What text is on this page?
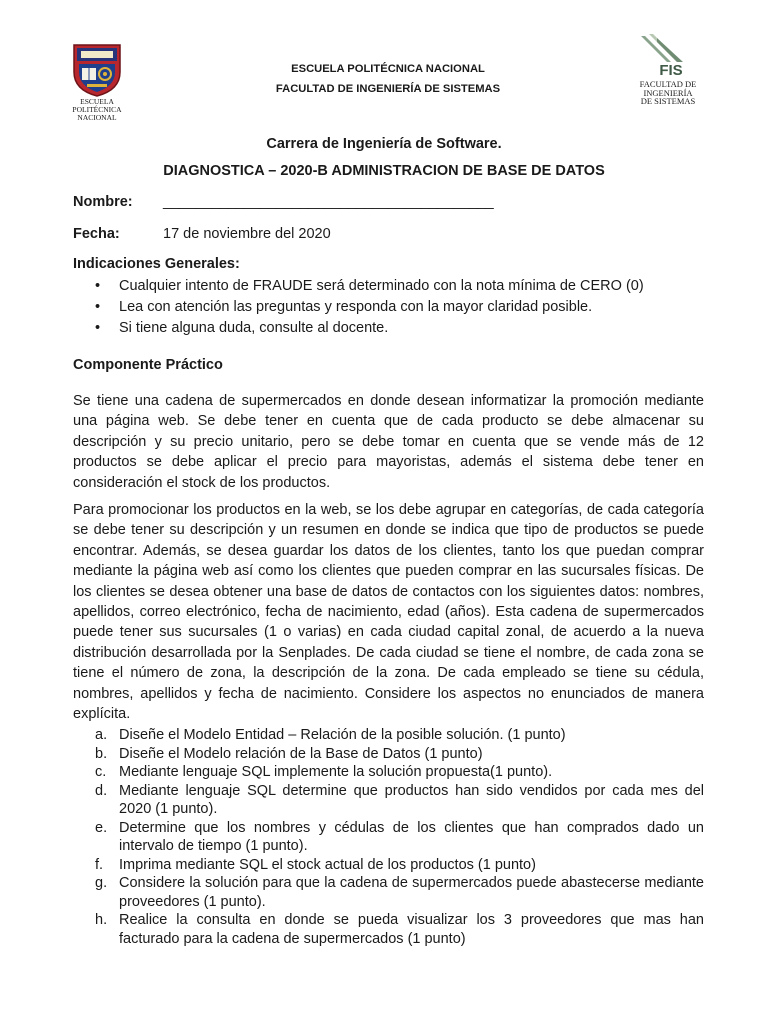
ESCUELA
POLITÉCNICA
NACIONAL
FIS
FACULTAD DE
INGENIERÍA
DE SISTEMAS
ESCUELA POLITÉCNICA NACIONAL
FACULTAD DE INGENIERÍA DE SISTEMAS
Carrera de Ingeniería de Software.
DIAGNOSTICA – 2020-B ADMINISTRACION DE BASE DE DATOS
Nombre: _________________________________________
Fecha:	17 de noviembre del 2020
Indicaciones Generales:
• Cualquier intento de FRAUDE será determinado con la nota mínima de CERO (0)
• Lea con atención las preguntas y responda con la mayor claridad posible.
• Si tiene alguna duda, consulte al docente.
Componente Práctico

Se tiene una cadena de supermercados en donde desean informatizar la promoción mediante una página web. Se debe tener en cuenta que de cada producto se debe almacenar su descripción y su precio unitario, pero se debe tomar en cuenta que se vende más de 12 productos se debe aplicar el precio para mayoristas, además el sistema debe tener en consideración el stock de los productos.

Para promocionar los productos en la web, se los debe agrupar en categorías, de cada categoría se debe tener su descripción y un resumen en donde se indica que tipo de productos se puede encontrar. Además, se desea guardar los datos de los clientes, tanto los que puedan comprar mediante la página web así como los clientes que pueden comprar en las sucursales físicas. De los clientes se desea obtener una base de datos de contactos con los siguientes datos: nombres, apellidos, correo electrónico, fecha de nacimiento, edad (años). Esta cadena de supermercados puede tener sus sucursales (1 o varias) en cada ciudad capital zonal, de acuerdo a la nueva distribución desarrollada por la Senplades. De cada ciudad se tiene el nombre, de cada zona se tiene el número de zona, la descripción de la zona. De cada empleado se tiene su cédula, nombres, apellidos y fecha de nacimiento. Considere los aspectos no enunciados de manera explícita.

a. Diseñe el Modelo Entidad – Relación de la posible solución. (1 punto)
b. Diseñe el Modelo relación de la Base de Datos (1 punto)
c. Mediante lenguaje SQL implemente la solución propuesta(1 punto).
d. Mediante lenguaje SQL determine que productos han sido vendidos por cada mes del 2020 (1 punto).
e. Determine que los nombres y cédulas de los clientes que han comprados dado un intervalo de tiempo (1 punto).
f. Imprima mediante SQL el stock actual de los productos (1 punto)
g. Considere la solución para que la cadena de supermercados puede abastecerse mediante proveedores (1 punto).
h. Realice la consulta en donde se pueda visualizar los 3 proveedores que mas han facturado para la cadena de supermercados (1 punto)
